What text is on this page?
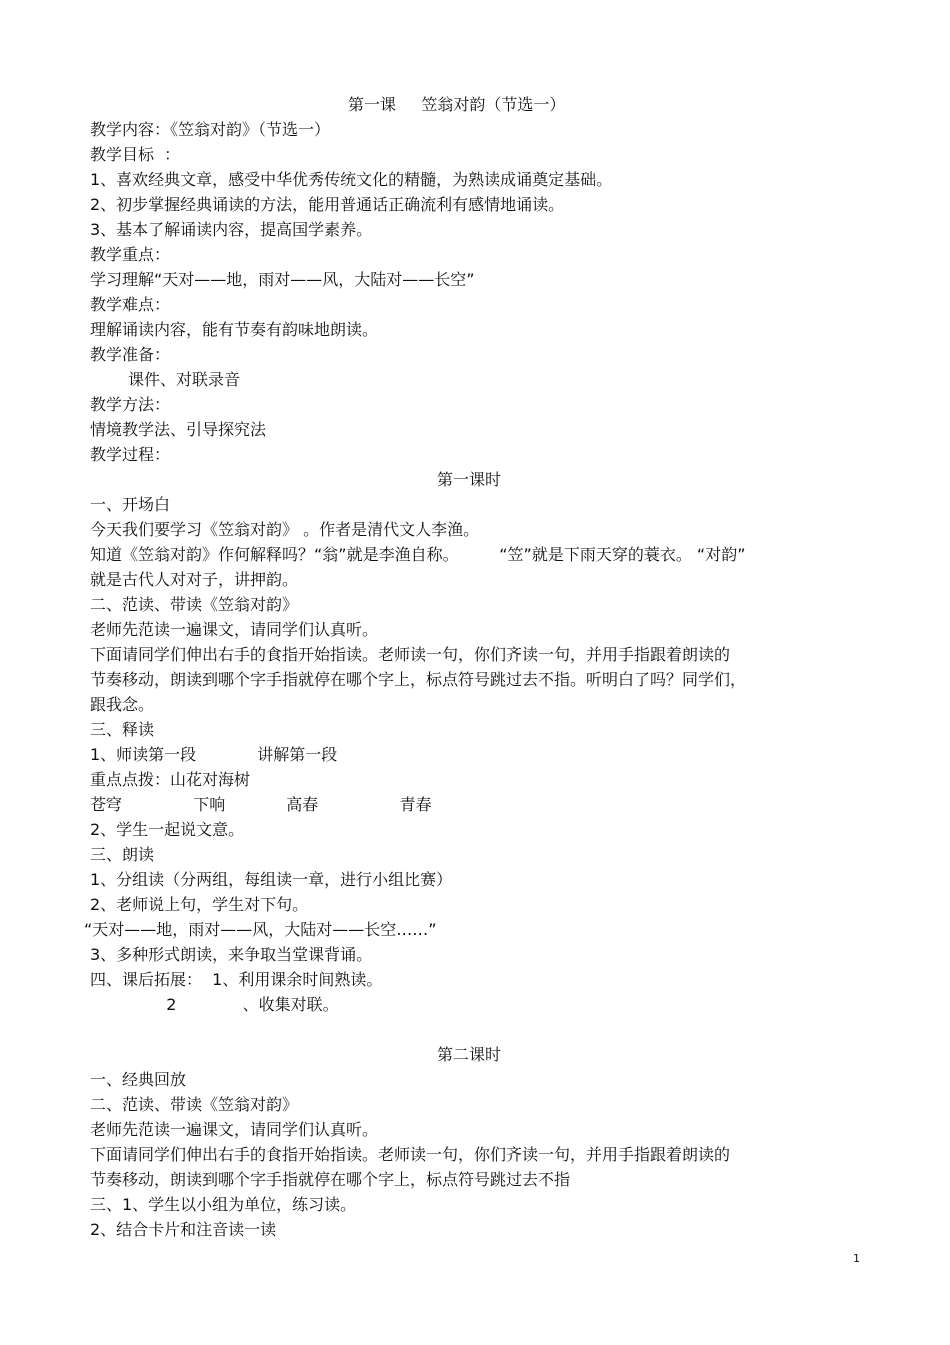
第一课     笠翁对韵（节选一）
教学内容：《笠翁对韵》（节选一）
教学目标  ：
1、喜欢经典文章，感受中华优秀传统文化的精髓，为熟读成诵奠定基础。
2、初步掌握经典诵读的方法，能用普通话正确流利有感情地诵读。
3、基本了解诵读内容，提高国学素养。
教学重点：
学习理解“天对——地，雨对——风，大陆对——长空”
教学难点：
理解诵读内容，能有节奏有韵味地朗读。
教学准备：
课件、对联录音
教学方法：
情境教学法、引导探究法
教学过程：
第一课时
一、开场白
今天我们要学习《笠翁对韵》 。作者是清代文人李渔。
知道《笠翁对韵》作何解释吗？“翁”就是李渔自称。        “笠”就是下雨天穿的蓑衣。 “对韵”
就是古代人对对子，讲押韵。
二、范读、带读《笠翁对韵》
老师先范读一遍课文，请同学们认真听。
下面请同学们伸出右手的食指开始指读。老师读一句，你们齐读一句，并用手指跟着朗读的
节奏移动，朗读到哪个字手指就停在哪个字上，标点符号跳过去不指。听明白了吗？同学们，
跟我念。
三、释读
1、师读第一段            讲解第一段
重点点拨：山花对海树
苍穹              下响            高春                青春
2、学生一起说文意。
三、朗读
1、分组读（分两组，每组读一章，进行小组比赛）
2、老师说上句，学生对下句。
“天对——地，雨对——风，大陆对——长空……”
3、多种形式朗读，来争取当堂课背诵。
四、课后拓展：  1、利用课余时间熟读。
2             、收集对联。
第二课时
一、经典回放
二、范读、带读《笠翁对韵》
老师先范读一遍课文，请同学们认真听。
下面请同学们伸出右手的食指开始指读。老师读一句，你们齐读一句，并用手指跟着朗读的
节奏移动，朗读到哪个字手指就停在哪个字上，标点符号跳过去不指
三、1、学生以小组为单位，练习读。
2、结合卡片和注音读一读
1
